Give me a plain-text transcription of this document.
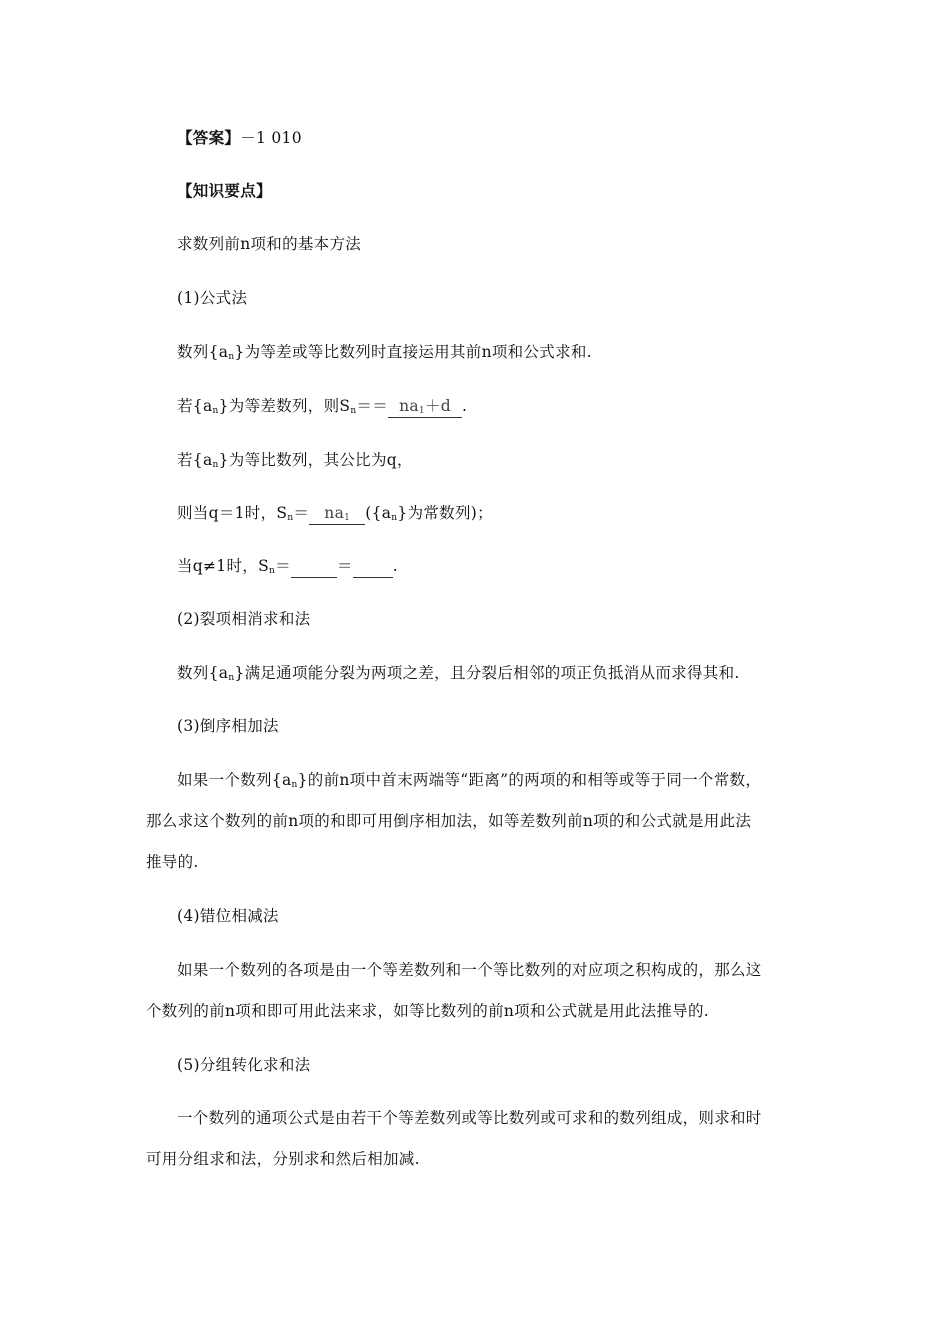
【答案】－1 010
【知识要点】
求数列前n项和的基本方法
(1)公式法
数列$\{a_n\}$为等差或等比数列时直接运用其前n项和公式求和.
若$\{a_n\}$为等差数列，则$S_n== na_1+d$ .
若$\{a_n\}$为等比数列，其公比为q，
则当q＝1时，$S_n= na_1$ ($\{a_n\}$为常数列)；
当q≠1时，$S_n=$	＝	.
(2)裂项相消求和法
数列$\{a_n\}$满足通项能分裂为两项之差，且分裂后相邻的项正负抵消从而求得其和.
(3)倒序相加法
如果一个数列$\{a_n\}$的前n项中首末两端等“距离”的两项的和相等或等于同一个常数，
那么求这个数列的前n项的和即可用倒序相加法，如等差数列前n项的和公式就是用此法
推导的.
(4)错位相减法
如果一个数列的各项是由一个等差数列和一个等比数列的对应项之积构成的，那么这
个数列的前n项和即可用此法来求，如等比数列的前n项和公式就是用此法推导的.
(5)分组转化求和法
一个数列的通项公式是由若干个等差数列或等比数列或可求和的数列组成，则求和时
可用分组求和法，分别求和然后相加减.
